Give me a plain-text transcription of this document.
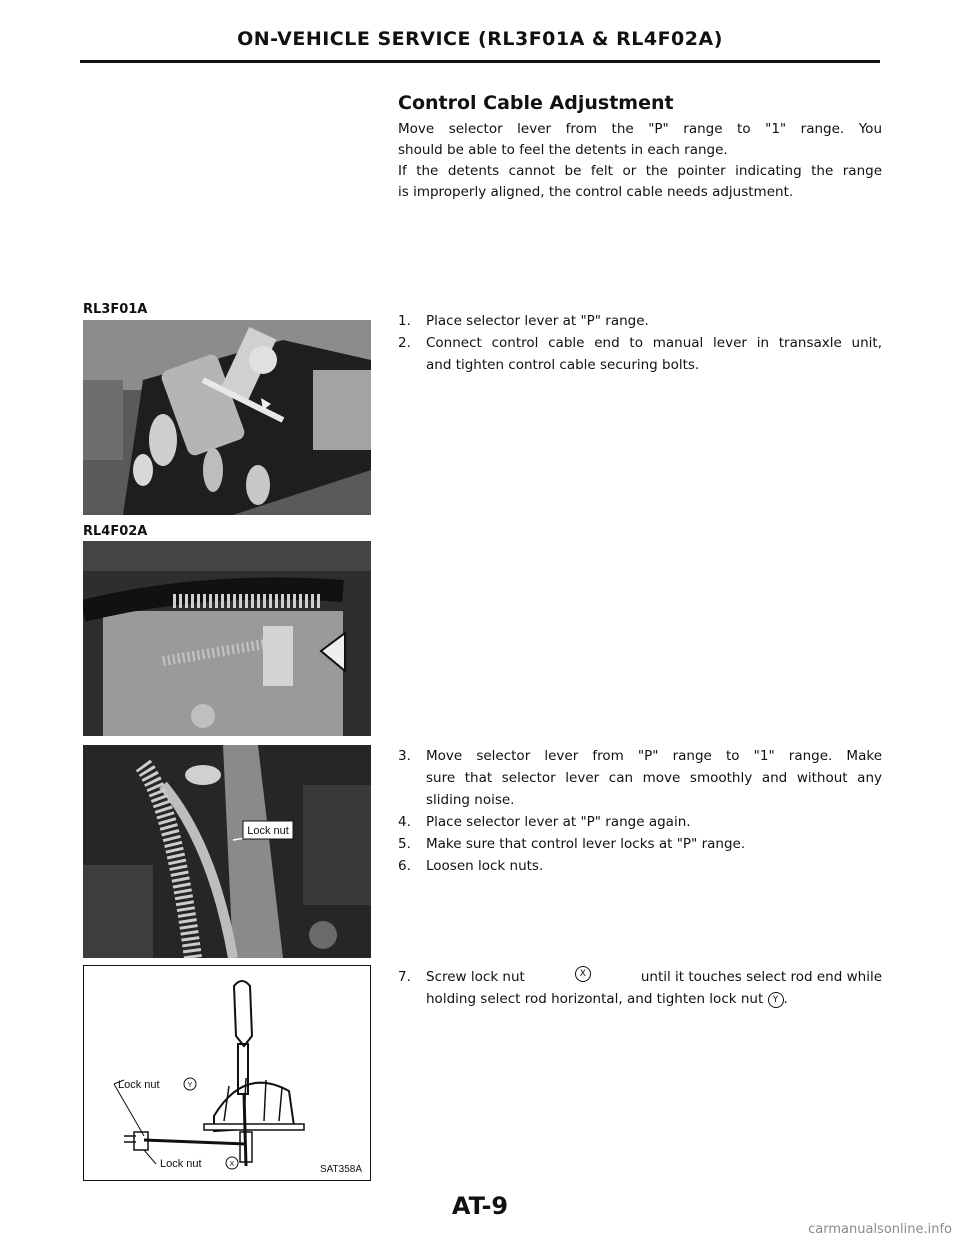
ON-VEHICLE SERVICE (RL3F01A & RL4F02A)
Control Cable Adjustment

Move selector lever from the "P" range to "1" range. You

should be able to feel the detents in each range.

If the detents cannot be felt or the pointer indicating the range

is improperly aligned, the control cable needs adjustment.

RL3F01A
RL4F02A
Lock nut
1. Place selector lever at "P" range.
2. Connect control cable end to manual lever in transaxle unit,
and tighten control cable securing bolts.
3. Move selector lever from "P" range to "1" range. Make
sure that selector lever can move smoothly and without any
sliding noise.
4. Place selector lever at "P" range again.
5. Make sure that control lever locks at "P" range.
6. Loosen lock nuts.
7. Screw lock nut	X	until it touches select rod end while
holding select rod horizontal, and tighten lock nut Y .
Lock nut	Y
Lock nut	X	SAT358A
AT-9
carmanualsonline.info
